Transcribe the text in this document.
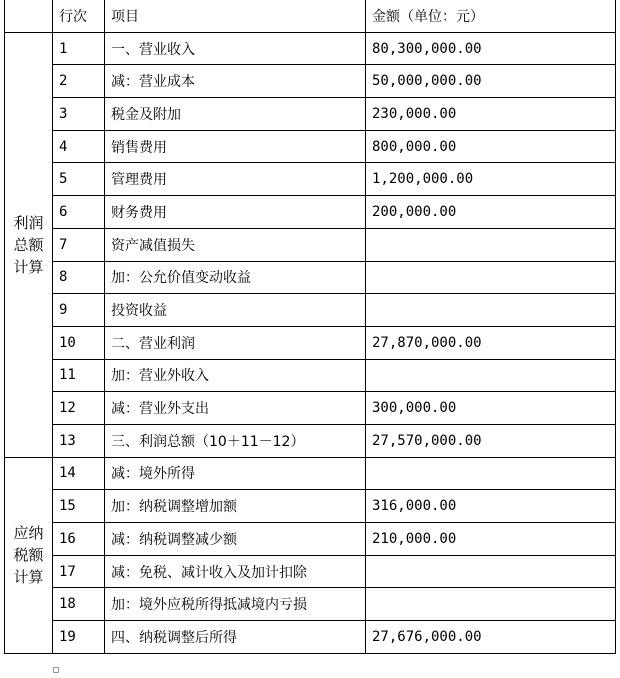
	行次	项目	金额（单位：元）
利润总额计算	1	一、营业收入	80,300,000.00
	2	减：营业成本	50,000,000.00
	3	税金及附加	230,000.00
	4	销售费用	800,000.00
	5	管理费用	1,200,000.00
	6	财务费用	200,000.00
	7	资产减值损失	
	8	加：公允价值变动收益	
	9	投资收益	
	10	二、营业利润	27,870,000.00
	11	加：营业外收入	
	12	减：营业外支出	300,000.00
	13	三、利润总额（10＋11－12）	27,570,000.00
应纳税额计算	14	减：境外所得	
	15	加：纳税调整增加额	316,000.00
	16	减：纳税调整减少额	210,000.00
	17	减：免税、减计收入及加计扣除	
	18	加：境外应税所得抵减境内亏损	
	19	四、纳税调整后所得	27,676,000.00
